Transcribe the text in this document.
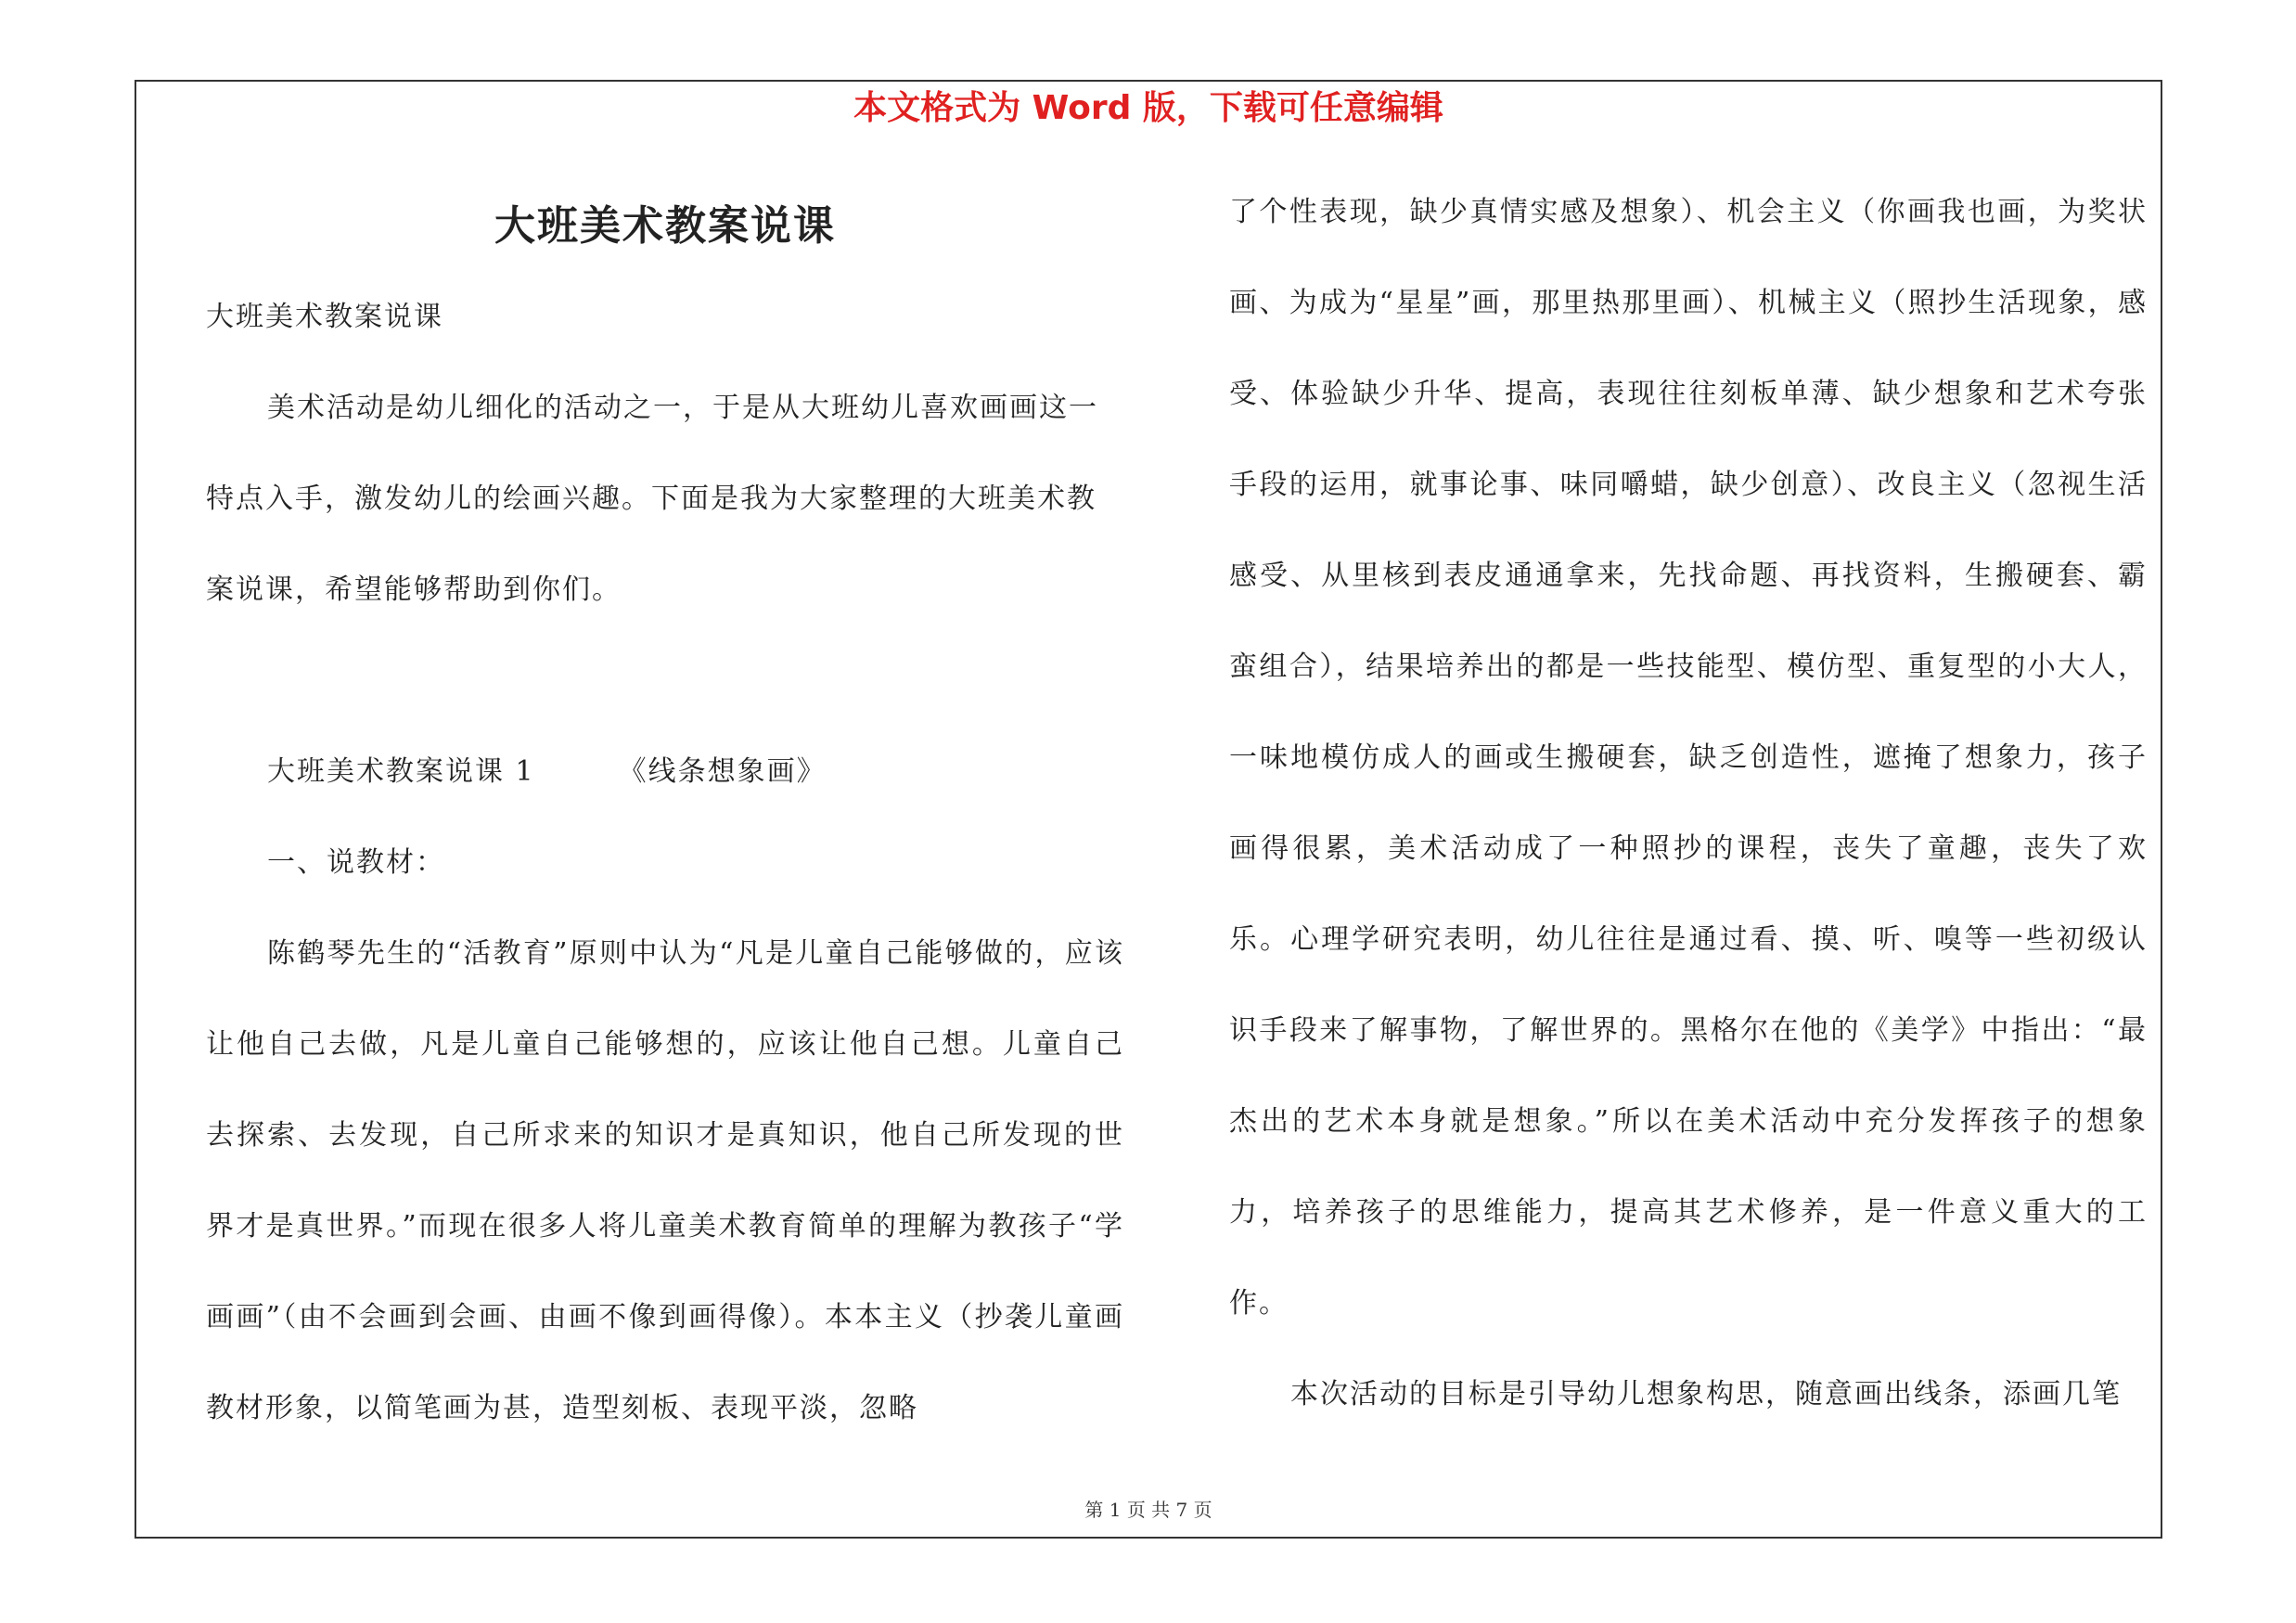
本文格式为 Word 版，下载可任意编辑

大班美术教案说课

大班美术教案说课

美术活动是幼儿细化的活动之一，于是从大班幼儿喜欢画画这一特点入手，激发幼儿的绘画兴趣。下面是我为大家整理的大班美术教案说课，希望能够帮助到你们。

大班美术教案说课 1	《线条想象画》

一、说教材：

陈鹤琴先生的“活教育”原则中认为“凡是儿童自己能够做的，应该让他自己去做，凡是儿童自己能够想的，应该让他自己想。儿童自己去探索、去发现，自己所求来的知识才是真知识，他自己所发现的世界才是真世界。”而现在很多人将儿童美术教育简单的理解为教孩子“学画画”（由不会画到会画、由画不像到画得像）。本本主义（抄袭儿童画教材形象，以简笔画为甚，造型刻板、表现平淡，忽略

了个性表现，缺少真情实感及想象）、机会主义（你画我也画，为奖状画、为成为“星星”画，那里热那里画）、机械主义（照抄生活现象，感受、体验缺少升华、提高，表现往往刻板单薄、缺少想象和艺术夸张手段的运用，就事论事、味同嚼蜡，缺少创意）、改良主义（忽视生活感受、从里核到表皮通通拿来，先找命题、再找资料，生搬硬套、霸蛮组合），结果培养出的都是一些技能型、模仿型、重复型的小大人，一味地模仿成人的画或生搬硬套，缺乏创造性，遮掩了想象力，孩子画得很累，美术活动成了一种照抄的课程，丧失了童趣，丧失了欢乐。心理学研究表明，幼儿往往是通过看、摸、听、嗅等一些初级认识手段来了解事物，了解世界的。黑格尔在他的《美学》中指出：“最杰出的艺术本身就是想象。”所以在美术活动中充分发挥孩子的想象力，培养孩子的思维能力，提高其艺术修养，是一件意义重大的工作。

本次活动的目标是引导幼儿想象构思，随意画出线条，添画几笔

第 1 页 共 7 页
